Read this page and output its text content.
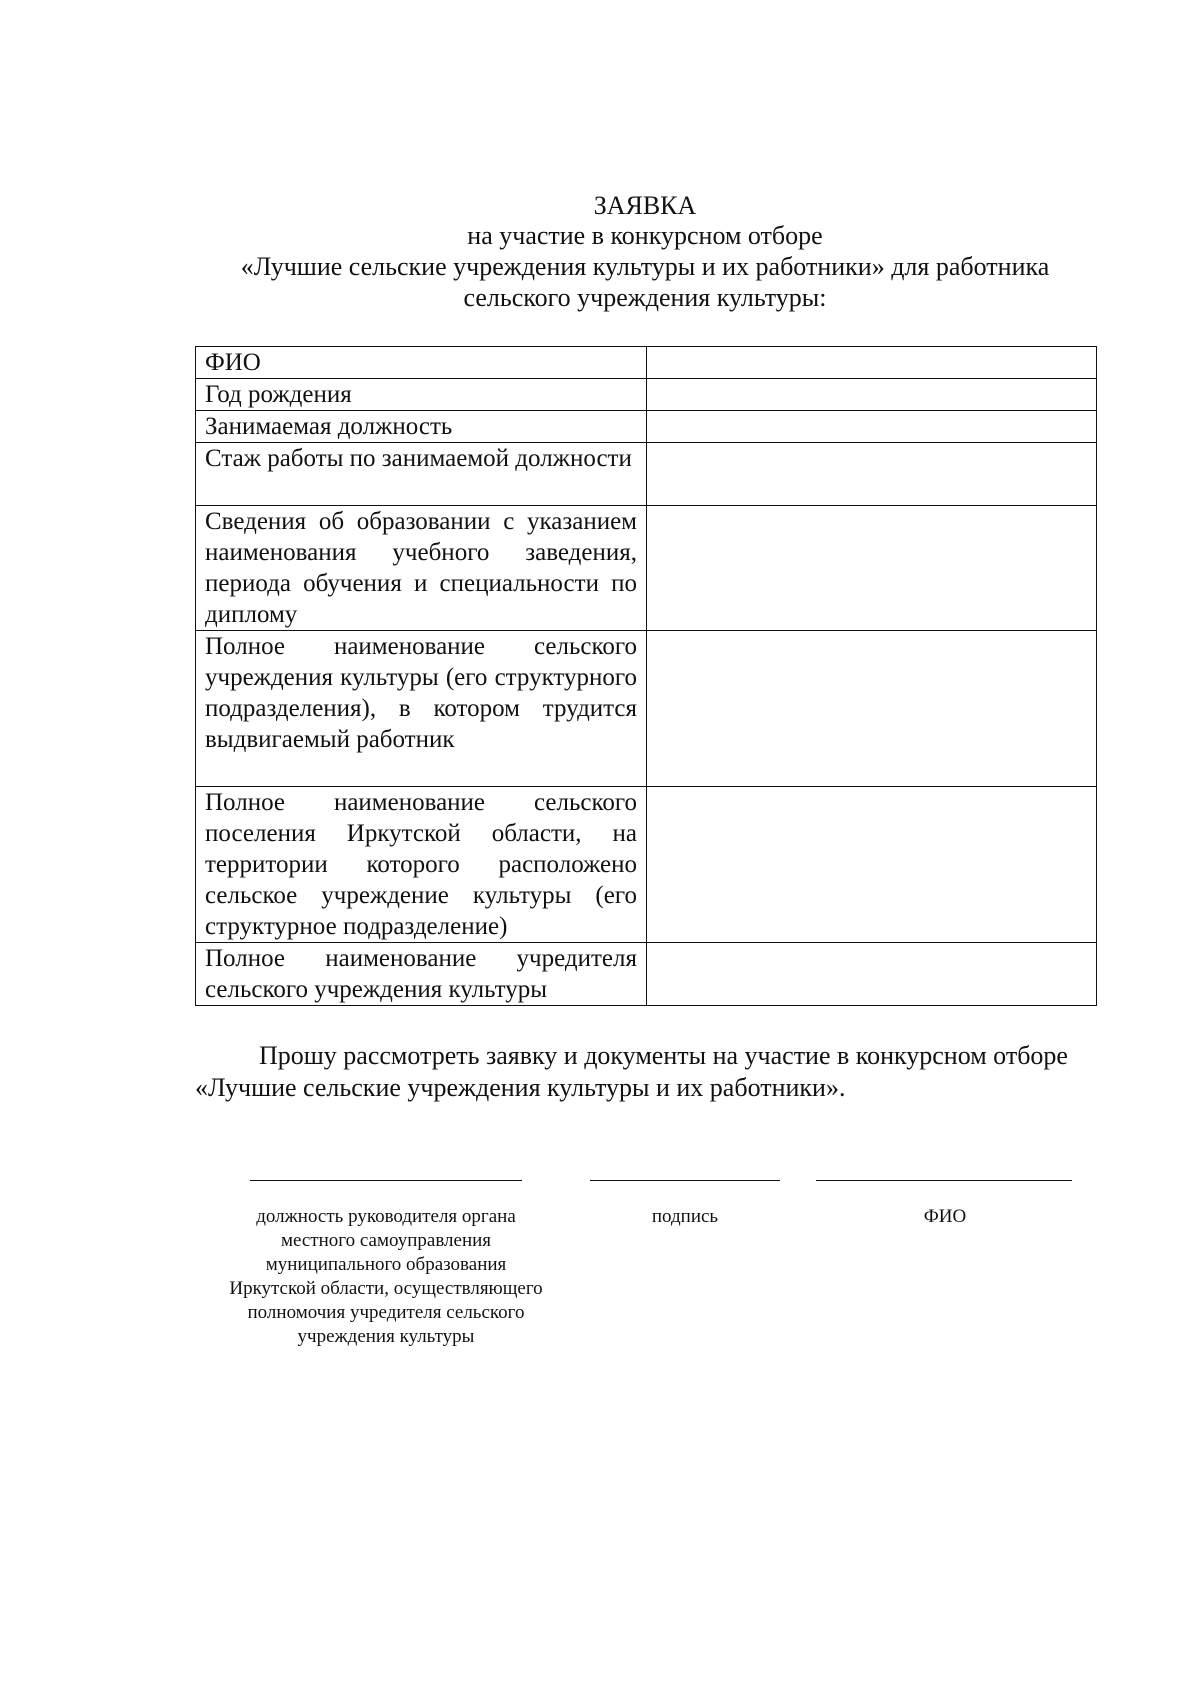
ЗАЯВКА
на участие в конкурсном отборе
«Лучшие сельские учреждения культуры и их работники» для работника
сельского учреждения культуры:
ФИО	
Год рождения	
Занимаемая должность	
Стаж работы по занимаемой должности	
Сведения об образовании с указанием наименования учебного заведения, периода обучения и специальности по диплому	
Полное наименование сельского учреждения культуры (его структурного подразделения), в котором трудится выдвигаемый работник	
Полное наименование сельского поселения Иркутской области, на территории которого расположено сельское учреждение культуры (его структурное подразделение)	
Полное наименование учредителя сельского учреждения культуры	
Прошу рассмотреть заявку и документы на участие в конкурсном отборе «Лучшие сельские учреждения культуры и их работники».
должность руководителя органа
местного самоуправления
муниципального образования
Иркутской области, осуществляющего
полномочия учредителя сельского
учреждения культуры
подпись	ФИО
